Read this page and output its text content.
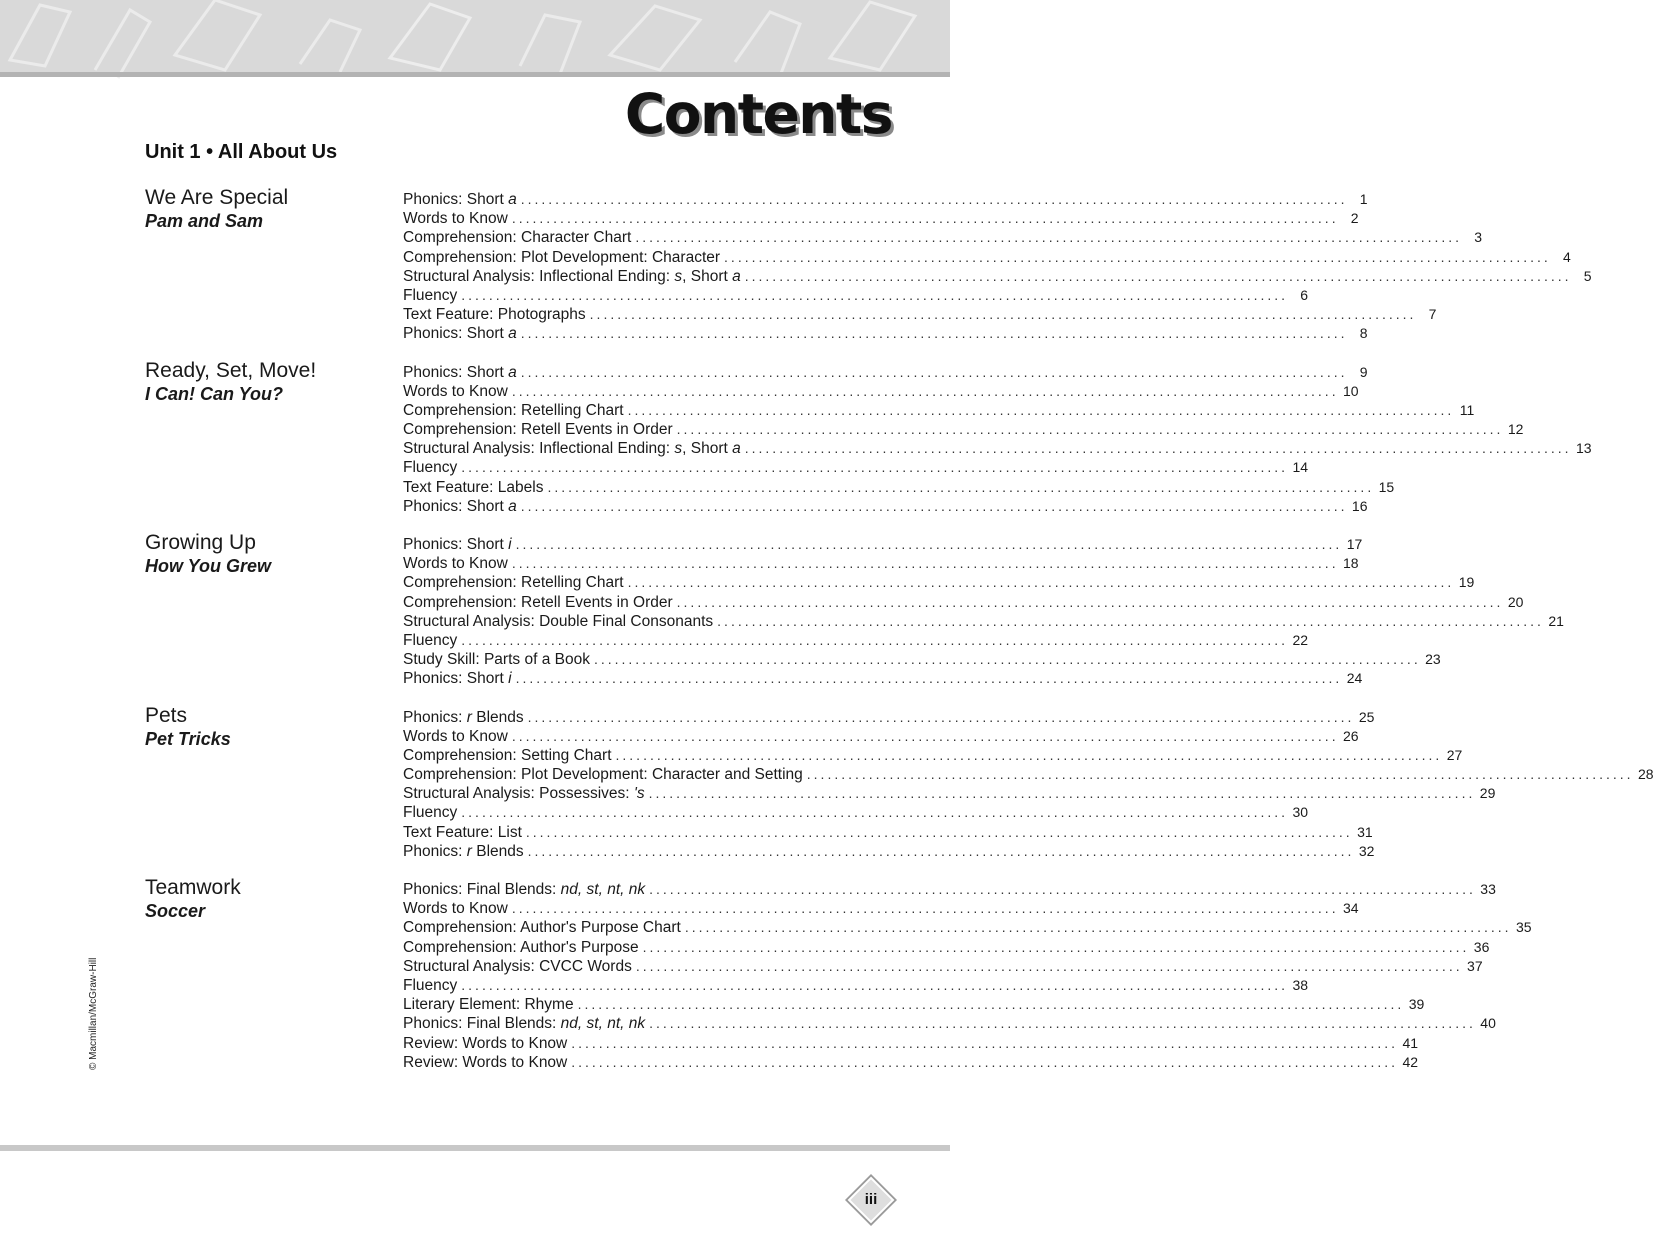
Contents
Unit 1 • All About Us
We Are Special
Pam and Sam
Phonics: Short a ........................................................................................................................ 1
Words to Know ........................................................................................................................ 2
Comprehension: Character Chart ........................................................................................................................ 3
Comprehension: Plot Development: Character ........................................................................................................................ 4
Structural Analysis: Inflectional Ending: s, Short a ........................................................................................................................ 5
Fluency ........................................................................................................................ 6
Text Feature: Photographs ........................................................................................................................ 7
Phonics: Short a ........................................................................................................................ 8
Ready, Set, Move!
I Can! Can You?
Phonics: Short a ........................................................................................................................ 9
Words to Know ........................................................................................................................ 10
Comprehension: Retelling Chart ........................................................................................................................ 11
Comprehension: Retell Events in Order ........................................................................................................................ 12
Structural Analysis: Inflectional Ending: s, Short a ........................................................................................................................ 13
Fluency ........................................................................................................................ 14
Text Feature: Labels ........................................................................................................................ 15
Phonics: Short a ........................................................................................................................ 16
Growing Up
How You Grew
Phonics: Short i ........................................................................................................................ 17
Words to Know ........................................................................................................................ 18
Comprehension: Retelling Chart ........................................................................................................................ 19
Comprehension: Retell Events in Order ........................................................................................................................ 20
Structural Analysis: Double Final Consonants ........................................................................................................................ 21
Fluency ........................................................................................................................ 22
Study Skill: Parts of a Book ........................................................................................................................ 23
Phonics: Short i ........................................................................................................................ 24
Pets
Pet Tricks
Phonics: r Blends ........................................................................................................................ 25
Words to Know ........................................................................................................................ 26
Comprehension: Setting Chart ........................................................................................................................ 27
Comprehension: Plot Development: Character and Setting ........................................................................................................................ 28
Structural Analysis: Possessives: 's ........................................................................................................................ 29
Fluency ........................................................................................................................ 30
Text Feature: List ........................................................................................................................ 31
Phonics: r Blends ........................................................................................................................ 32
Teamwork
Soccer
Phonics: Final Blends: nd, st, nt, nk ........................................................................................................................ 33
Words to Know ........................................................................................................................ 34
Comprehension: Author's Purpose Chart ........................................................................................................................ 35
Comprehension: Author's Purpose ........................................................................................................................ 36
Structural Analysis: CVCC Words ........................................................................................................................ 37
Fluency ........................................................................................................................ 38
Literary Element: Rhyme ........................................................................................................................ 39
Phonics: Final Blends: nd, st, nt, nk ........................................................................................................................ 40
Review: Words to Know ........................................................................................................................ 41
Review: Words to Know ........................................................................................................................ 42
© Macmillan/McGraw-Hill
iii
